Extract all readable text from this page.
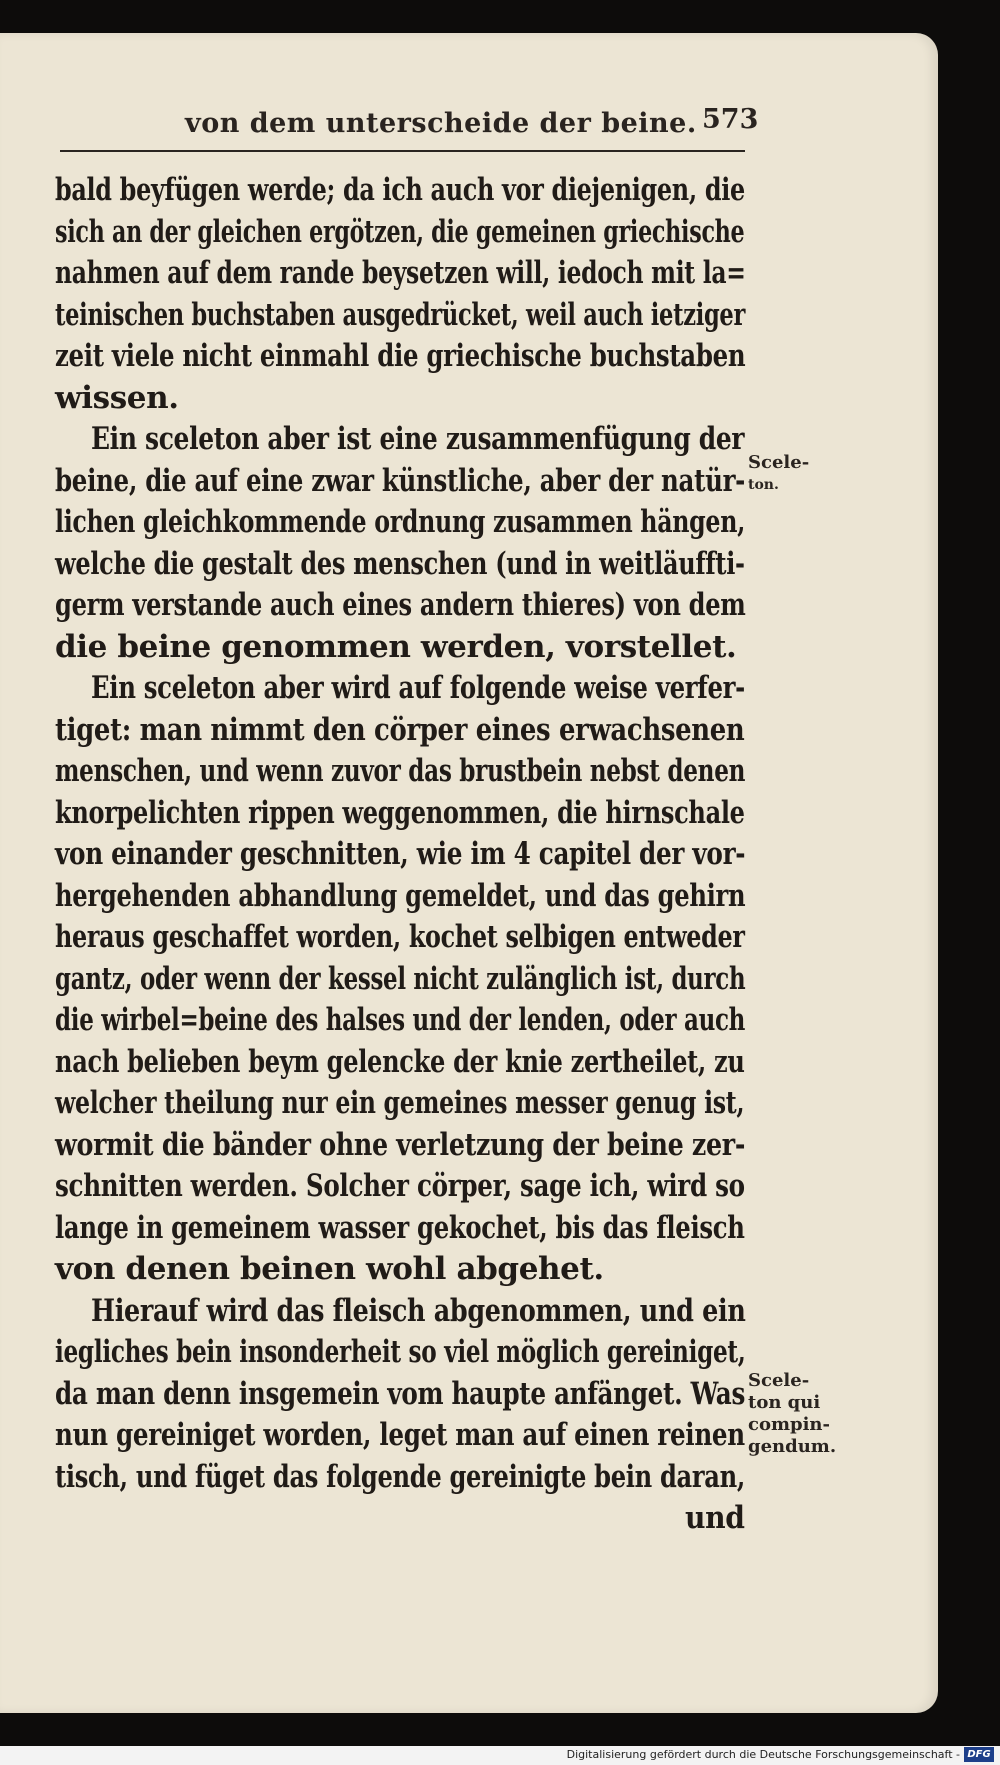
von dem unterscheide der beine. 573
bald beyfügen werde; da ich auch vor diejenigen, die
sich an der gleichen ergötzen, die gemeinen griechische
nahmen auf dem rande beysetzen will, iedoch mit la=
teinischen buchstaben ausgedrücket, weil auch ietziger
zeit viele nicht einmahl die griechische buchstaben
wissen.
Ein sceleton aber ist eine zusammenfügung der
beine, die auf eine zwar künstliche, aber der natür-
lichen gleichkommende ordnung zusammen hängen,
welche die gestalt des menschen (und in weitläuffti-
germ verstande auch eines andern thieres) von dem
die beine genommen werden, vorstellet.
Ein sceleton aber wird auf folgende weise verfer-
tiget: man nimmt den cörper eines erwachsenen
menschen, und wenn zuvor das brustbein nebst denen
knorpelichten rippen weggenommen, die hirnschale
von einander geschnitten, wie im 4 capitel der vor-
hergehenden abhandlung gemeldet, und das gehirn
heraus geschaffet worden, kochet selbigen entweder
gantz, oder wenn der kessel nicht zulänglich ist, durch
die wirbel=beine des halses und der lenden, oder auch
nach belieben beym gelencke der knie zertheilet, zu
welcher theilung nur ein gemeines messer genug ist,
wormit die bänder ohne verletzung der beine zer-
schnitten werden. Solcher cörper, sage ich, wird so
lange in gemeinem wasser gekochet, bis das fleisch
von denen beinen wohl abgehet.
Hierauf wird das fleisch abgenommen, und ein
iegliches bein insonderheit so viel möglich gereiniget,
da man denn insgemein vom haupte anfänget. Was
nun gereiniget worden, leget man auf einen reinen
tisch, und füget das folgende gereinigte bein daran,
und
Scele-
ton.
Scele-
ton qui
compin-
gendum.
Digitalisierung gefördert durch die Deutsche Forschungsgemeinschaft - DFG
